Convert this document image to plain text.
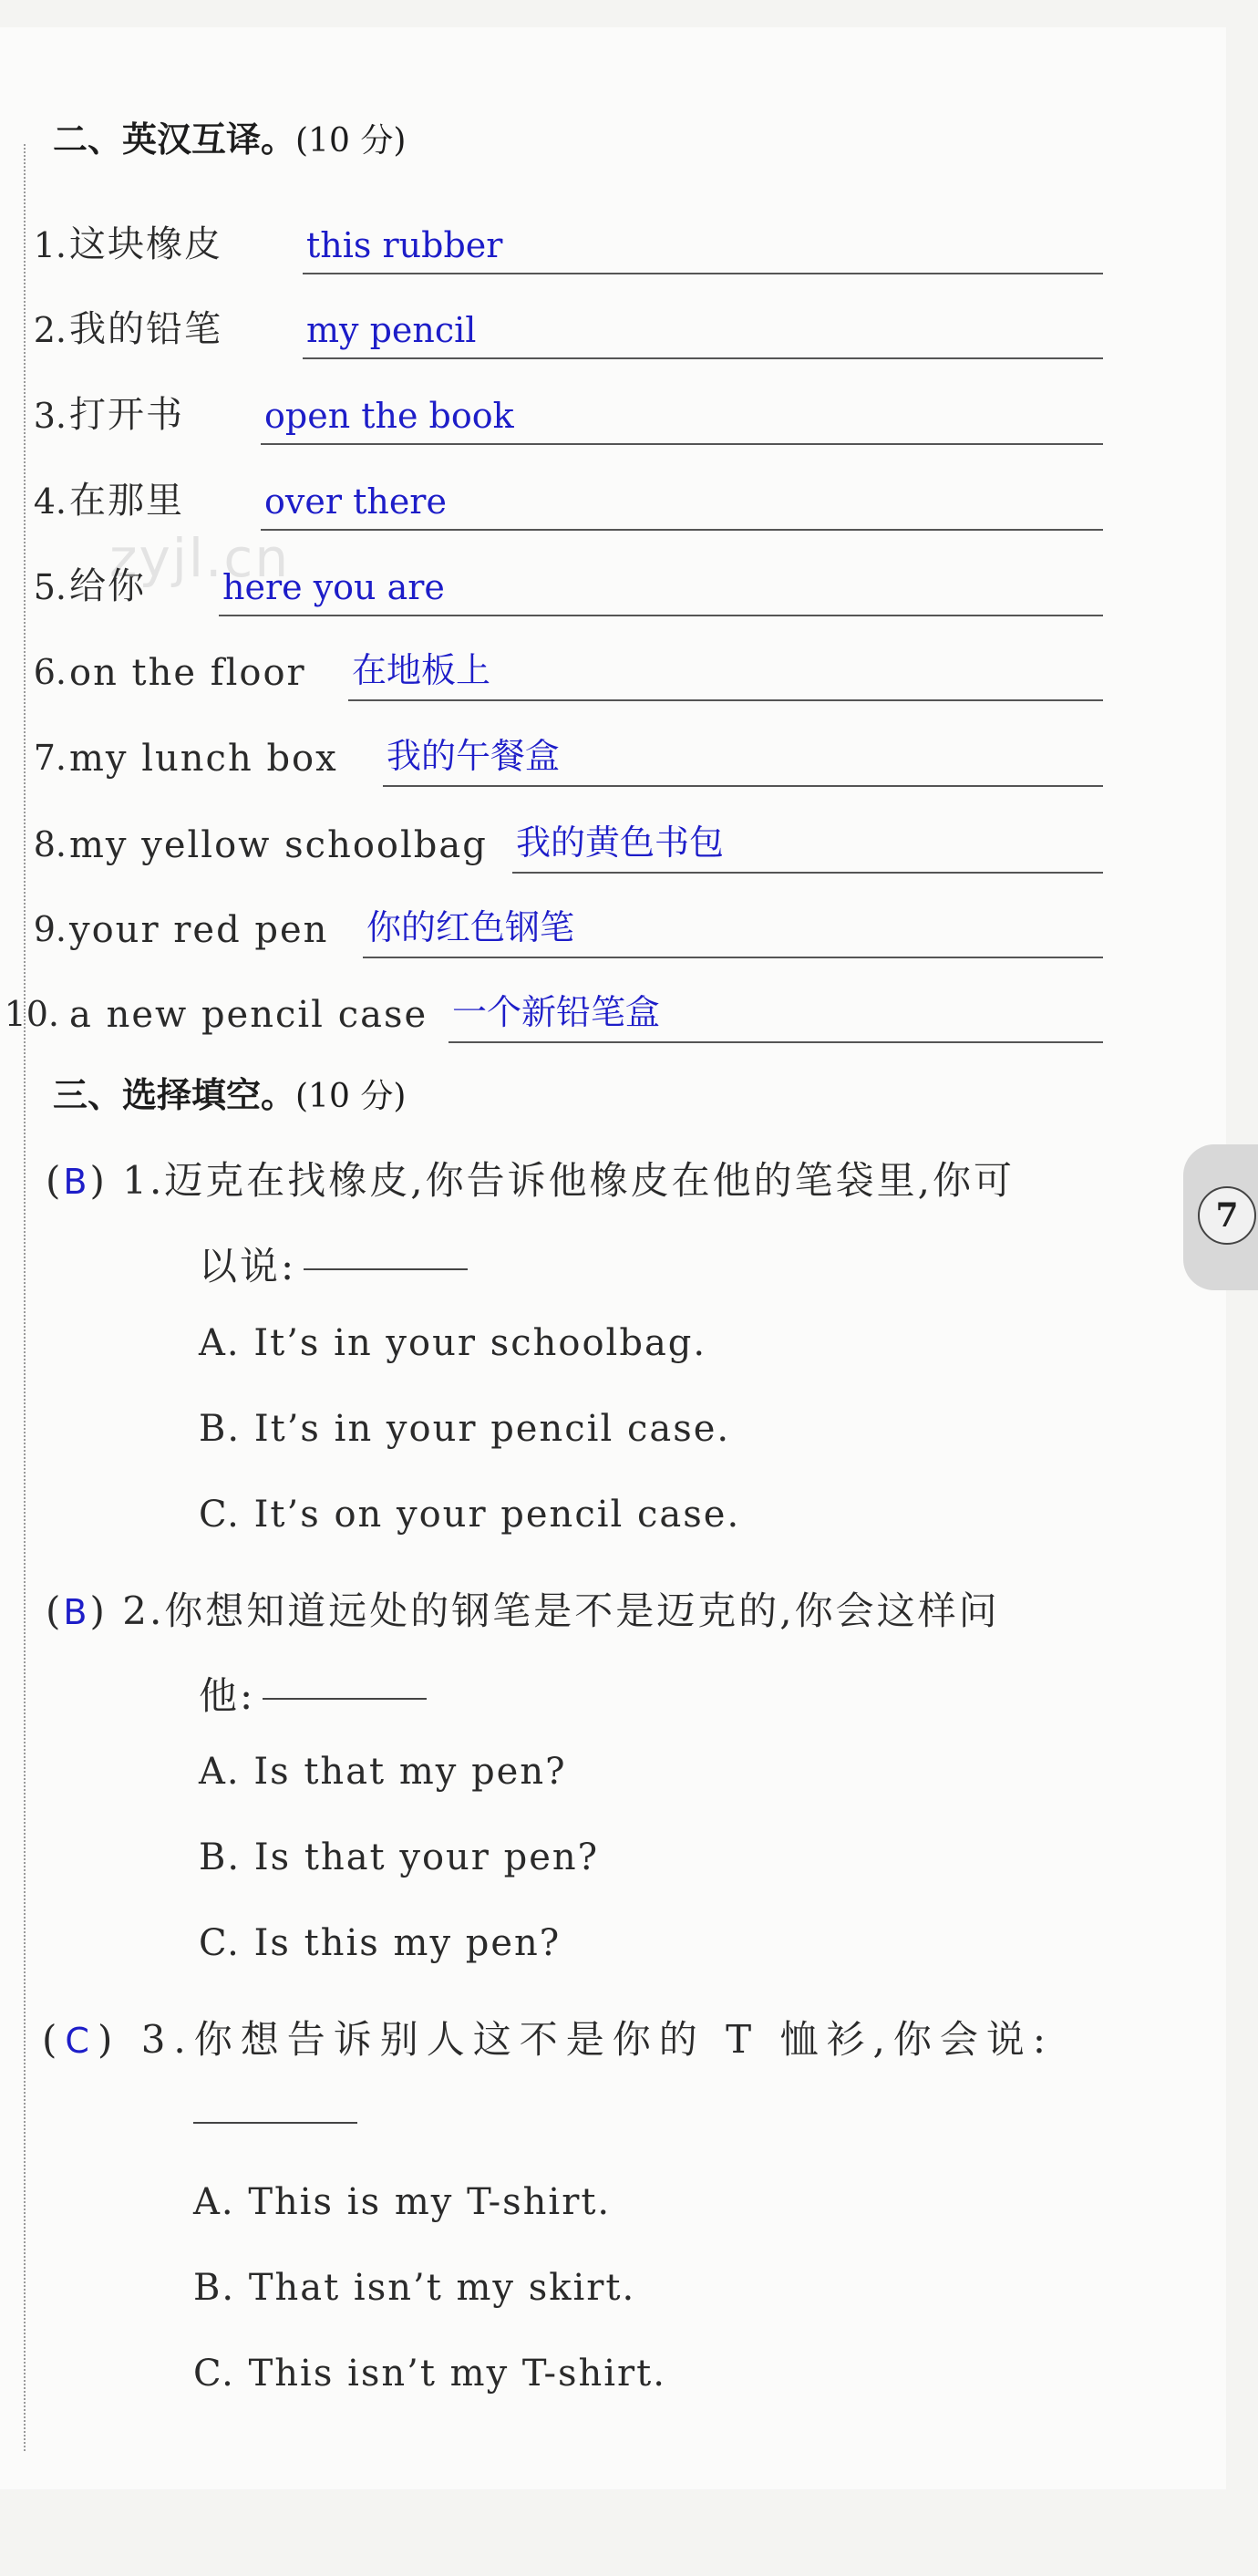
二、英汉互译。(10 分)
zyjl.cn
三、选择填空。(10 分)
(B) 1.迈克在找橡皮,你告诉他橡皮在他的笔袋里,你可
以说:
A. It’s in your schoolbag.
B. It’s in your pencil case.
C. It’s on your pencil case.
(B) 2.你想知道远处的钢笔是不是迈克的,你会这样问
他:
A. Is that my pen?
B. Is that your pen?
C. Is this my pen?
(C) 3.你想告诉别人这不是你的 T 恤衫,你会说:
A. This is my T-shirt.
B. That isn’t my skirt.
C. This isn’t my T-shirt.
1. 这块橡皮 this rubber
2. 我的铅笔 my pencil
3. 打开书 open the book
4. 在那里 over there
5. 给你 here you are
6. on the floor 在地板上
7. my lunch box 我的午餐盒
8. my yellow schoolbag 我的黄色书包
9. your red pen 你的红色钢笔
10. a new pencil case 一个新铅笔盒
7
